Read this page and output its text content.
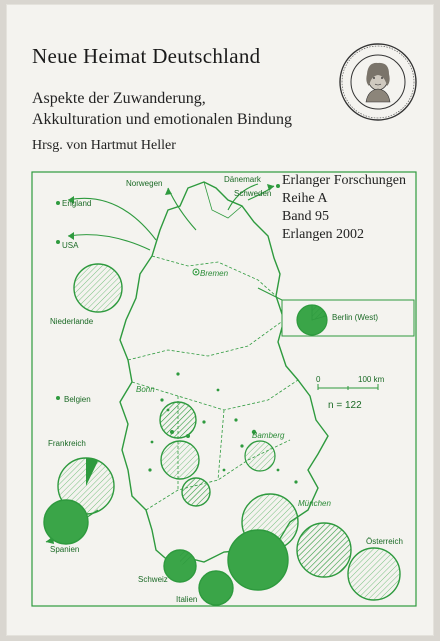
Neue Heimat Deutschland
Aspekte der Zuwanderung,
Akkulturation und emotionalen Bindung
Hrsg. von Hartmut Heller
Erlanger Forschungen
Reihe A
Band 95
Erlangen 2002
England
USA
Norwegen	Dänemark
Schweden
Niederlande
Belgien
Frankreich
Spanien
Schweiz
Italien
Österreich
Berlin (West)
Bremen
Bonn
Bamberg
München
0	100 km
n = 122
